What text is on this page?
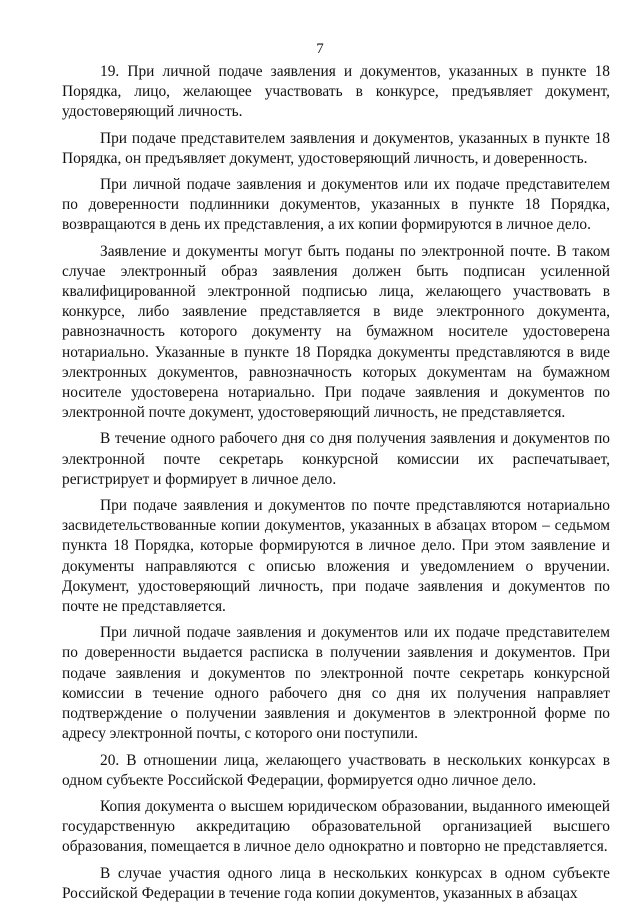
7

19. При личной подаче заявления и документов, указанных в пункте 18 Порядка, лицо, желающее участвовать в конкурсе, предъявляет документ, удостоверяющий личность.

При подаче представителем заявления и документов, указанных в пункте 18 Порядка, он предъявляет документ, удостоверяющий личность, и доверенность.

При личной подаче заявления и документов или их подаче представителем по доверенности подлинники документов, указанных в пункте 18 Порядка, возвращаются в день их представления, а их копии формируются в личное дело.

Заявление и документы могут быть поданы по электронной почте. В таком случае электронный образ заявления должен быть подписан усиленной квалифицированной электронной подписью лица, желающего участвовать в конкурсе, либо заявление представляется в виде электронного документа, равнозначность которого документу на бумажном носителе удостоверена нотариально. Указанные в пункте 18 Порядка документы представляются в виде электронных документов, равнозначность которых документам на бумажном носителе удостоверена нотариально. При подаче заявления и документов по электронной почте документ, удостоверяющий личность, не представляется.

В течение одного рабочего дня со дня получения заявления и документов по электронной почте секретарь конкурсной комиссии их распечатывает, регистрирует и формирует в личное дело.

При подаче заявления и документов по почте представляются нотариально засвидетельствованные копии документов, указанных в абзацах втором – седьмом пункта 18 Порядка, которые формируются в личное дело. При этом заявление и документы направляются с описью вложения и уведомлением о вручении. Документ, удостоверяющий личность, при подаче заявления и документов по почте не представляется.

При личной подаче заявления и документов или их подаче представителем по доверенности выдается расписка в получении заявления и документов. При подаче заявления и документов по электронной почте секретарь конкурсной комиссии в течение одного рабочего дня со дня их получения направляет подтверждение о получении заявления и документов в электронной форме по адресу электронной почты, с которого они поступили.

20. В отношении лица, желающего участвовать в нескольких конкурсах в одном субъекте Российской Федерации, формируется одно личное дело.

Копия документа о высшем юридическом образовании, выданного имеющей государственную аккредитацию образовательной организацией высшего образования, помещается в личное дело однократно и повторно не представляется.

В случае участия одного лица в нескольких конкурсах в одном субъекте Российской Федерации в течение года копии документов, указанных в абзацах
